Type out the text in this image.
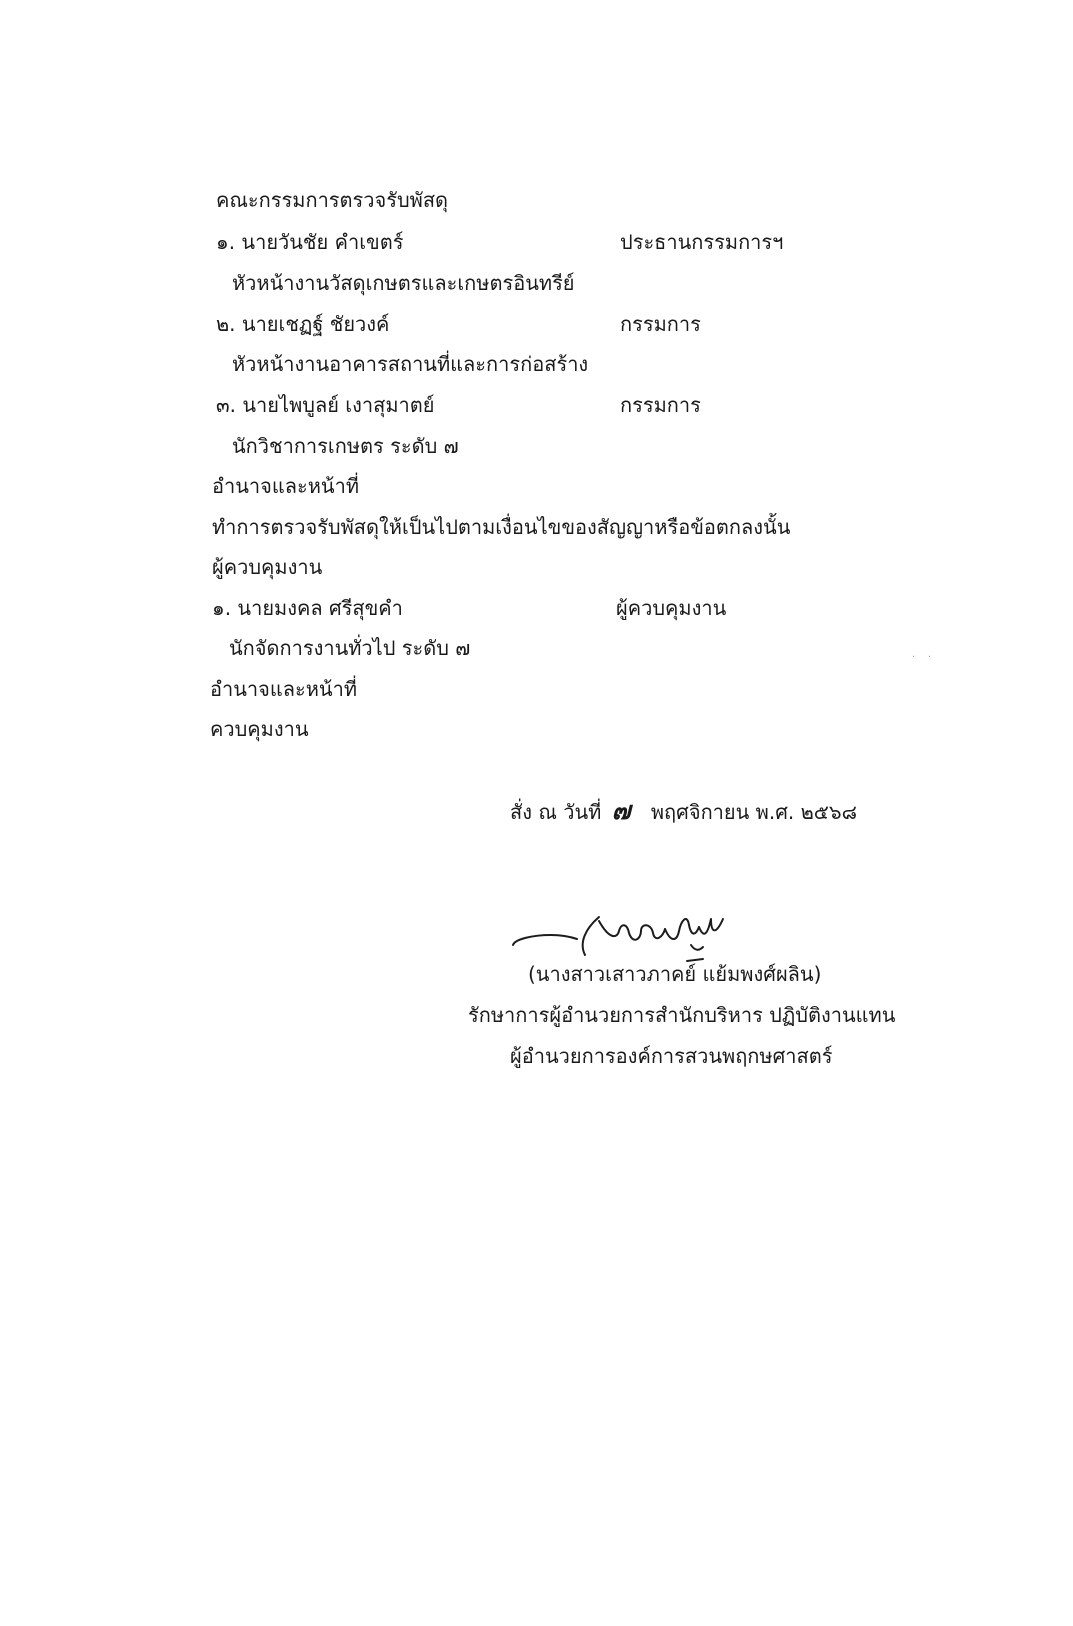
คณะกรรมการตรวจรับพัสดุ
๑. นายวันชัย คำเขตร์	ประธานกรรมการฯ
หัวหน้างานวัสดุเกษตรและเกษตรอินทรีย์
๒. นายเชฏฐ์ ชัยวงค์	กรรมการ
หัวหน้างานอาคารสถานที่และการก่อสร้าง
๓. นายไพบูลย์ เงาสุมาตย์	กรรมการ
นักวิชาการเกษตร ระดับ ๗
อำนาจและหน้าที่
ทำการตรวจรับพัสดุให้เป็นไปตามเงื่อนไขของสัญญาหรือข้อตกลงนั้น
ผู้ควบคุมงาน
๑. นายมงคล ศรีสุขคำ	ผู้ควบคุมงาน
นักจัดการงานทั่วไป ระดับ ๗
อำนาจและหน้าที่
ควบคุมงาน
·    ·
สั่ง ณ วันที่ ๗ พฤศจิกายน พ.ศ. ๒๕๖๘
(นางสาวเสาวภาคย์ แย้มพงศ์ผลิน)
รักษาการผู้อำนวยการสำนักบริหาร ปฏิบัติงานแทน
ผู้อำนวยการองค์การสวนพฤกษศาสตร์
